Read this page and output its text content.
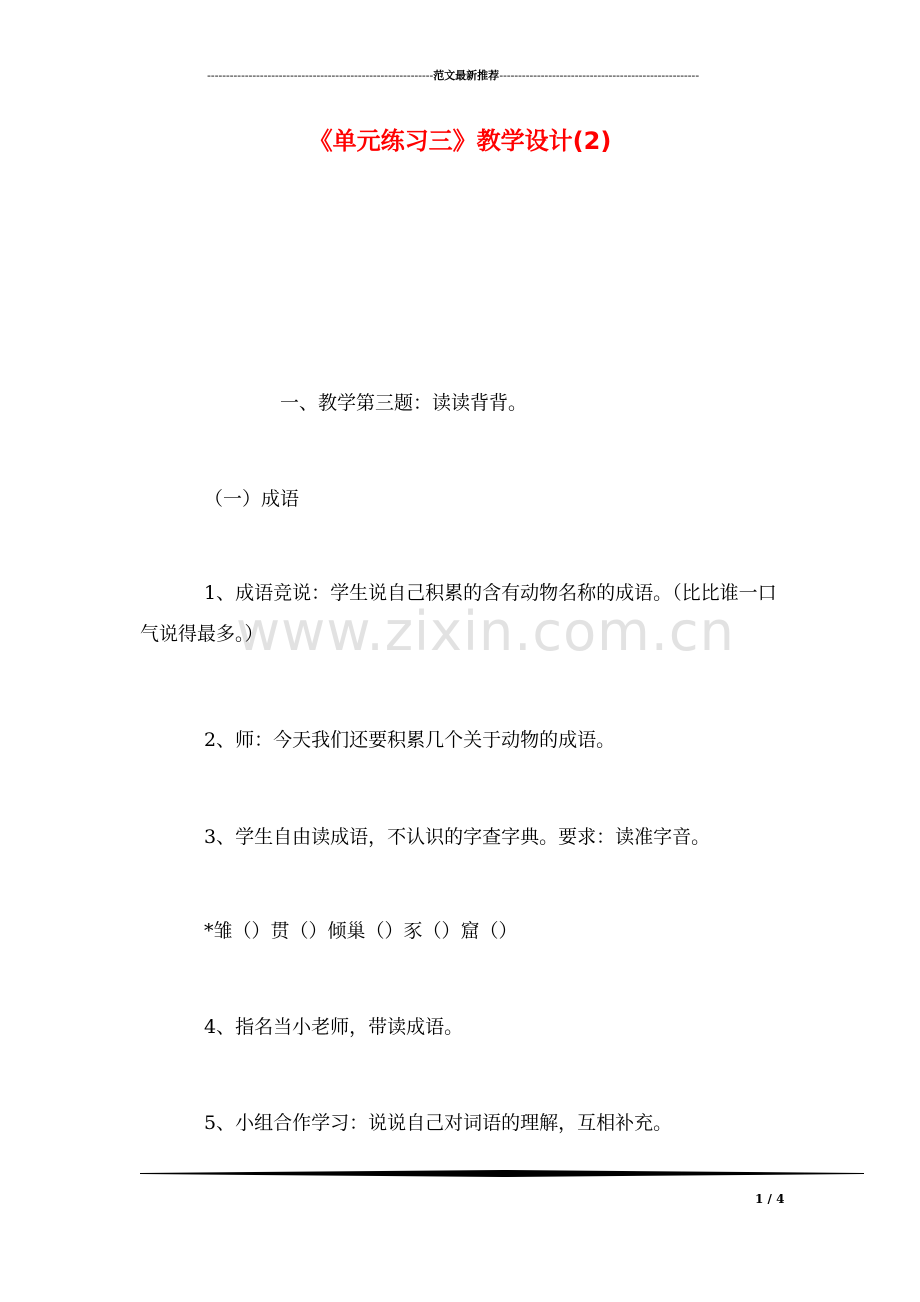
------------------------------------------------------------范文最新推荐-----------------------------------------------------
《单元练习三》教学设计(2)
www.zixin.com.cn
一、教学第三题：读读背背。
（一）成语
1、成语竞说：学生说自己积累的含有动物名称的成语。（比比谁一口气说得最多。）
2、师：今天我们还要积累几个关于动物的成语。
3、学生自由读成语，不认识的字查字典。要求：读准字音。
*雏（）贯（）倾巢（）豕（）窟（）
4、指名当小老师，带读成语。
5、小组合作学习：说说自己对词语的理解，互相补充。
1 / 4
